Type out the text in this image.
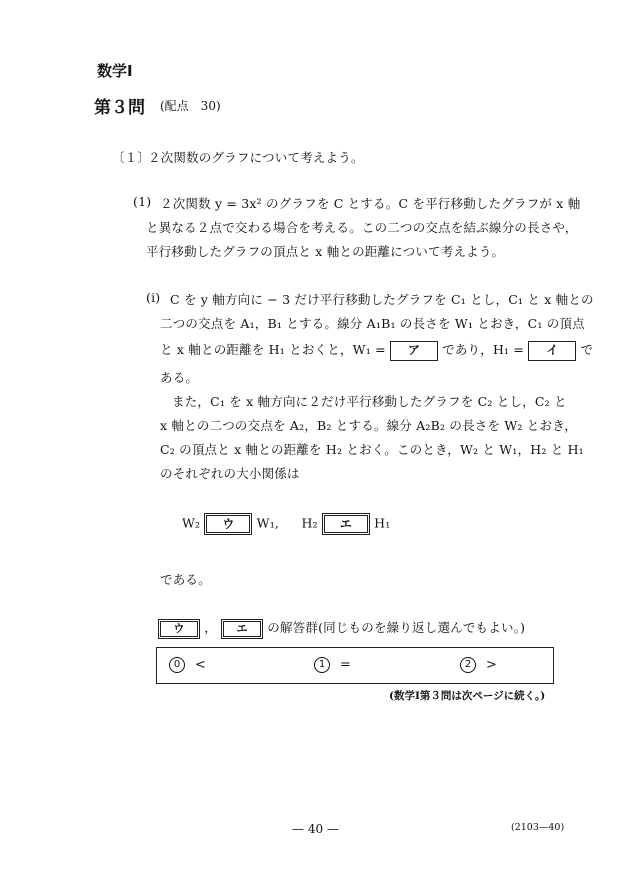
数学Ⅰ
第３問 (配点　30)
〔１〕
２次関数のグラフについて考えよう。
(1) ２次関数 y = 3x² のグラフを C とする。C を平行移動したグラフが x 軸
と異なる２点で交わる場合を考える。この二つの交点を結ぶ線分の長さや，
平行移動したグラフの頂点と x 軸との距離について考えよう。
(i) C を y 軸方向に − 3 だけ平行移動したグラフを C₁ とし，C₁ と x 軸との
二つの交点を A₁，B₁ とする。線分 A₁B₁ の長さを W₁ とおき，C₁ の頂点
と x 軸との距離を H₁ とおくと，W₁ = ア であり，H₁ = イ で
ある。
また，C₁ を x 軸方向に２だけ平行移動したグラフを C₂ とし，C₂ と
x 軸との二つの交点を A₂，B₂ とする。線分 A₂B₂ の長さを W₂ とおき，
C₂ の頂点と x 軸との距離を H₂ とおく。このとき，W₂ と W₁，H₂ と H₁
のそれぞれの大小関係は
W₂ ウ W₁, H₂ エ H₁
である。
ウ ， エ の解答群(同じものを繰り返し選んでもよい。)
0 <	1 =	2 >
(数学Ⅰ第３問は次ページに続く。)
— 40 —	(2103—40)
